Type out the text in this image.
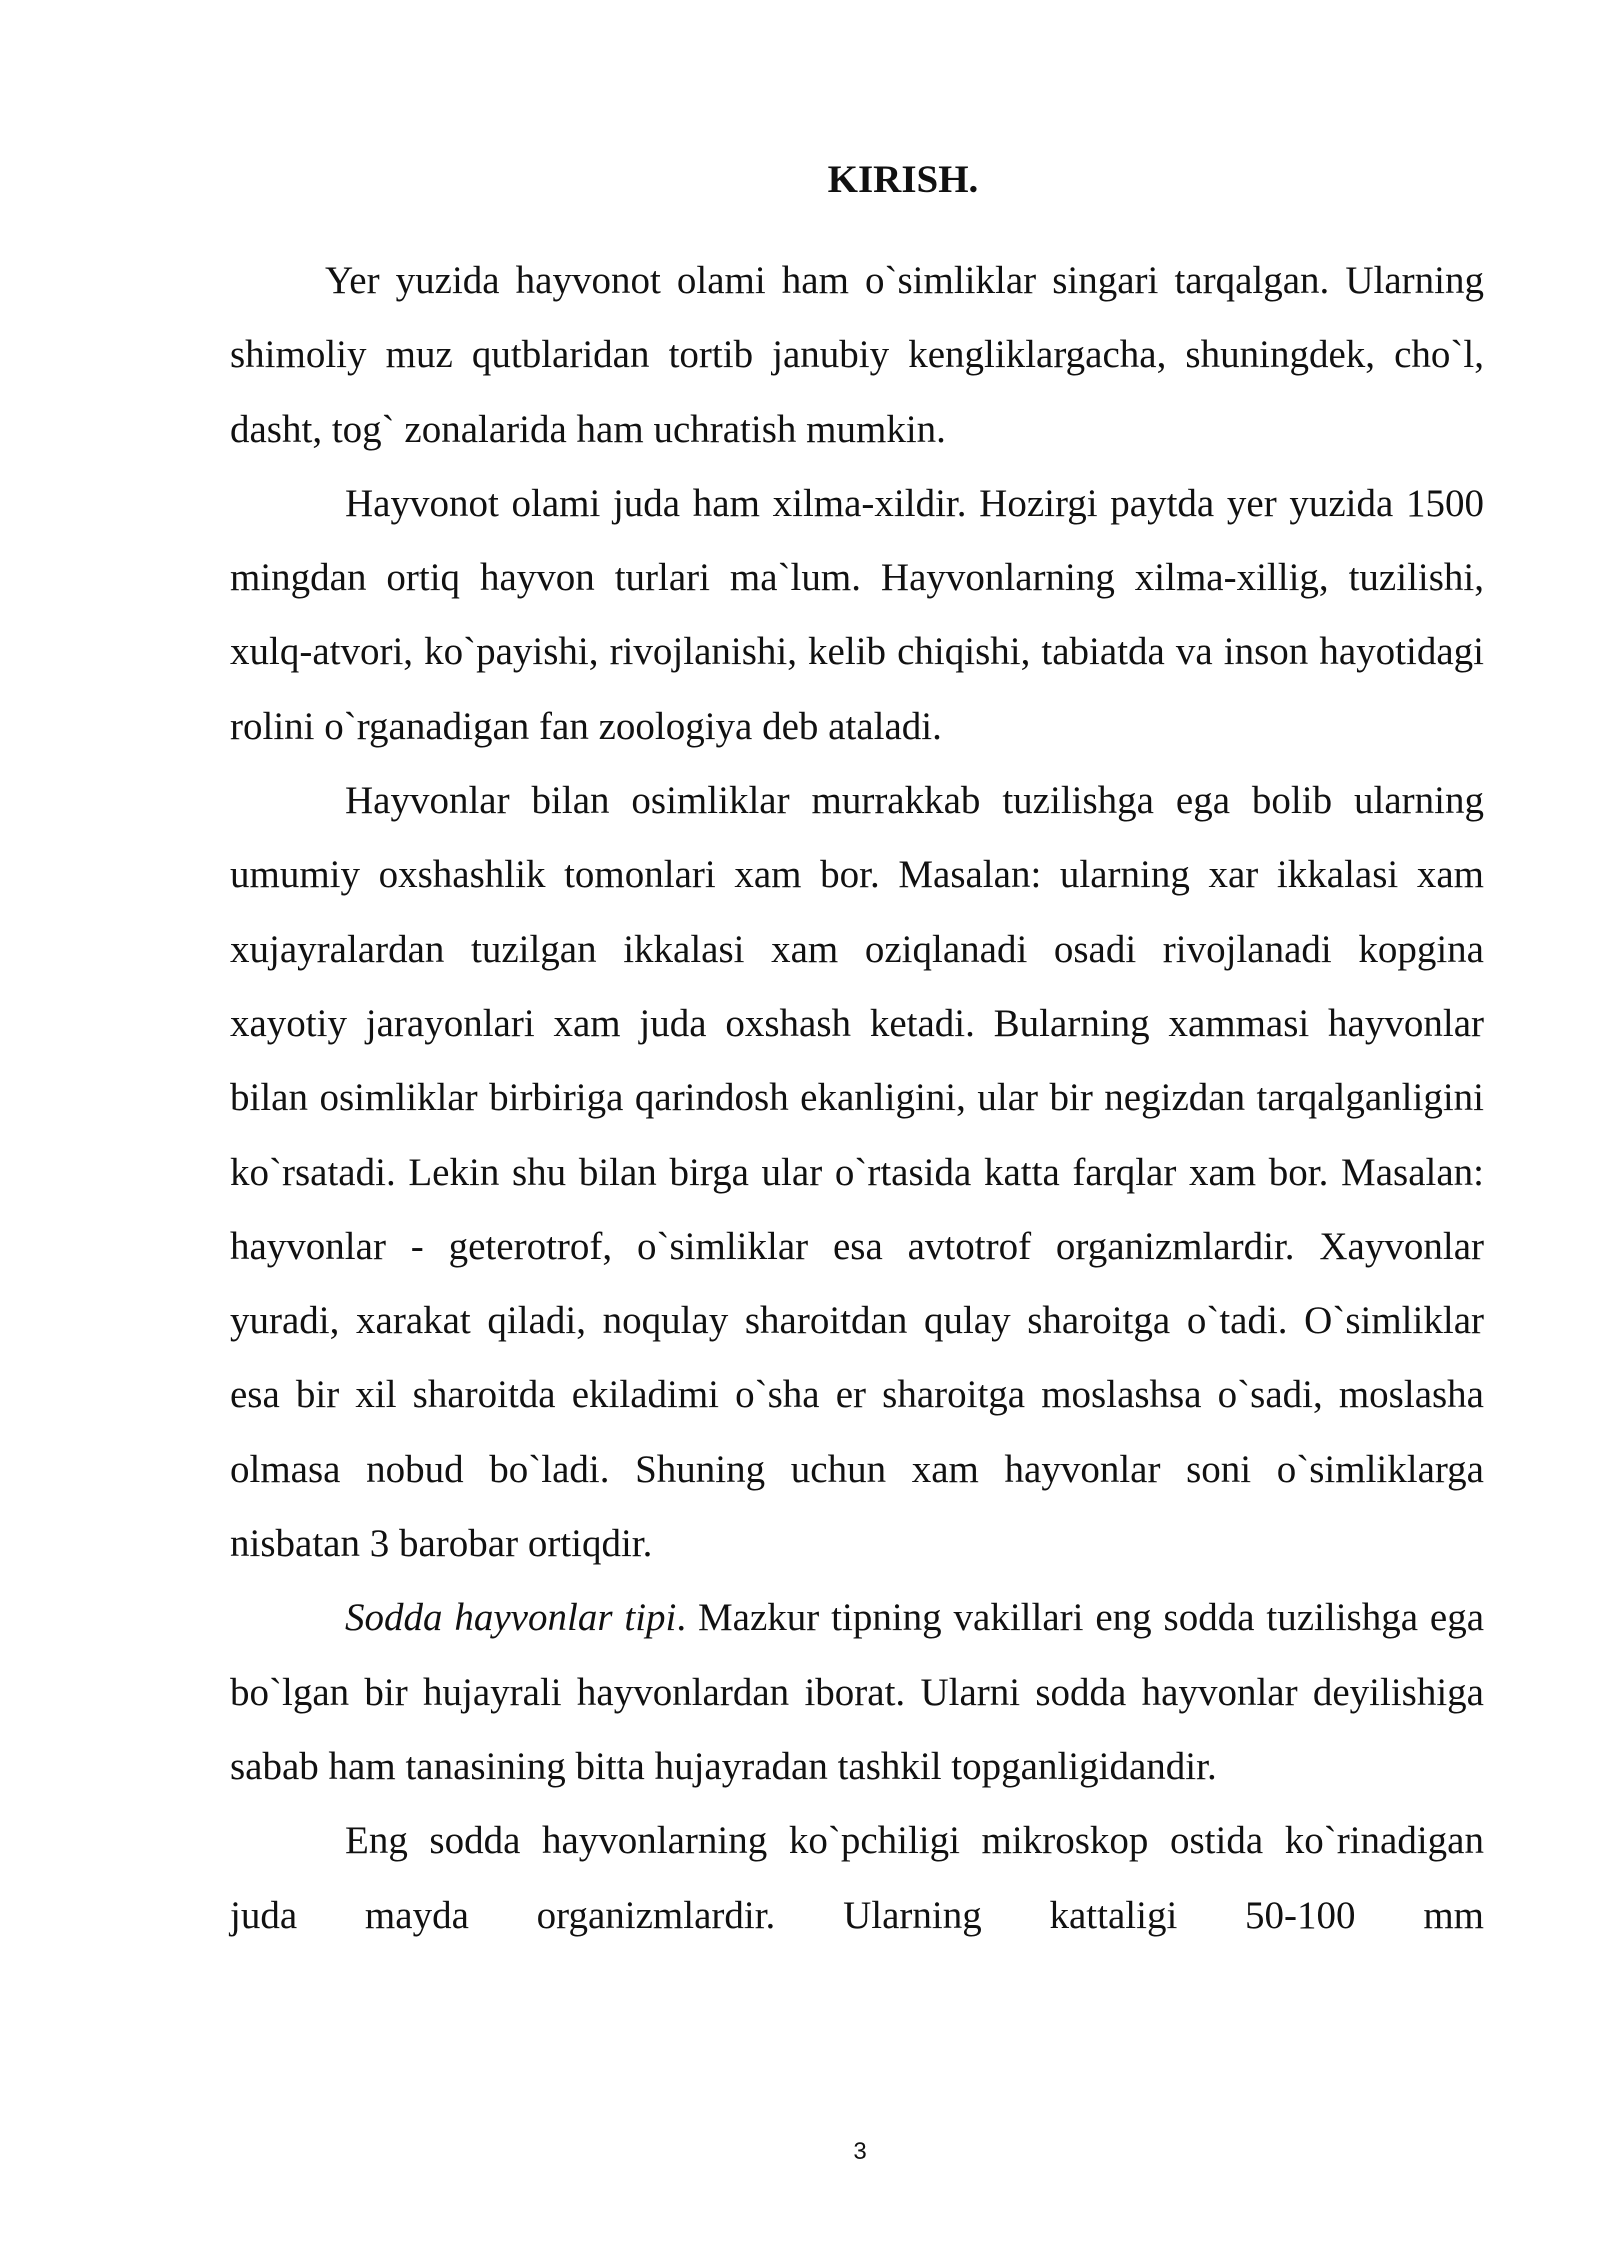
KIRISH.

Yer yuzida hayvonot olami ham o`simliklar singari tarqalgan. Ularning shimoliy muz qutblaridan tortib janubiy kengliklargacha, shuningdek, cho`l, dasht, tog` zonalarida ham uchratish mumkin.

Hayvonot olami juda ham xilma-xildir. Hozirgi paytda yer yuzida 1500 mingdan ortiq hayvon turlari ma`lum. Hayvonlarning xilma-xillig, tuzilishi, xulq-atvori, ko`payishi, rivojlanishi, kelib chiqishi, tabiatda va inson hayotidagi rolini o`rganadigan fan zoologiya deb ataladi.

Hayvonlar bilan osimliklar murrakkab tuzilishga ega bolib ularning umumiy oxshashlik tomonlari xam bor. Masalan: ularning xar ikkalasi xam xujayralardan tuzilgan ikkalasi xam oziqlanadi osadi rivojlanadi kopgina xayotiy jarayonlari xam juda oxshash ketadi. Bularning xammasi hayvonlar bilan osimliklar birbiriga qarindosh ekanligini, ular bir negizdan tarqalganligini ko`rsatadi. Lekin shu bilan birga ular o`rtasida katta farqlar xam bor. Masalan: hayvonlar - geterotrof, o`simliklar esa avtotrof organizmlardir. Xayvonlar yuradi, xarakat qiladi, noqulay sharoitdan qulay sharoitga o`tadi. O`simliklar esa bir xil sharoitda ekiladimi o`sha er sharoitga moslashsa o`sadi, moslasha olmasa nobud bo`ladi. Shuning uchun xam hayvonlar soni o`simliklarga nisbatan 3 barobar ortiqdir.

Sodda hayvonlar tipi. Mazkur tipning vakillari eng sodda tuzilishga ega bo`lgan bir hujayrali hayvonlardan iborat. Ularni sodda hayvonlar deyilishiga sabab ham tanasining bitta hujayradan tashkil topganligidandir.

Eng sodda hayvonlarning ko`pchiligi mikroskop ostida ko`rinadigan juda mayda organizmlardir. Ularning kattaligi 50-100 mm

3
